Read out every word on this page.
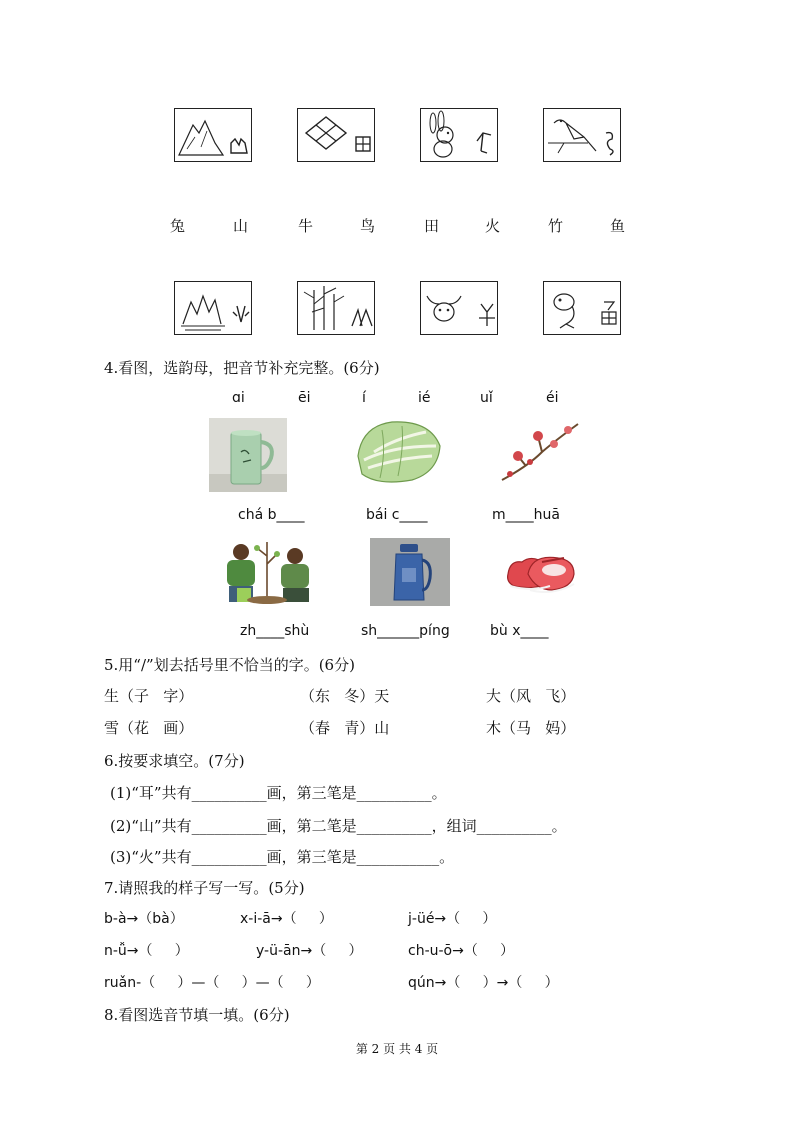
兔	山	牛	鸟	田	火	竹	鱼
4.看图，选韵母，把音节补充完整。(6分)
ɑi	ēi	í	ié	uǐ	éi
chá b____	bái c____	m____huā
zh____shù	sh______píng	bù x____
5.用“/”划去括号里不恰当的字。(6分)
生（子   字）	（东   冬）天	大（风   飞）
雪（花   画）	（春   青）山	木（马   妈）
6.按要求填空。(7分)
(1)“耳”共有__________画，第三笔是__________。
(2)“山”共有__________画，第二笔是__________，组词__________。
(3)“火”共有__________画，第三笔是___________。
7.请照我的样子写一写。(5分)
b-à→（bà）	x-i-ā→（     ）	j-üé→（     ）
n-ǚ→（     ）	y-ü-ān→（     ）	ch-u-ō→（     ）
ruǎn-（     ）—（     ）—（     ）	qún→（     ）→（     ）
8.看图选音节填一填。(6分)
第 2 页 共 4 页
